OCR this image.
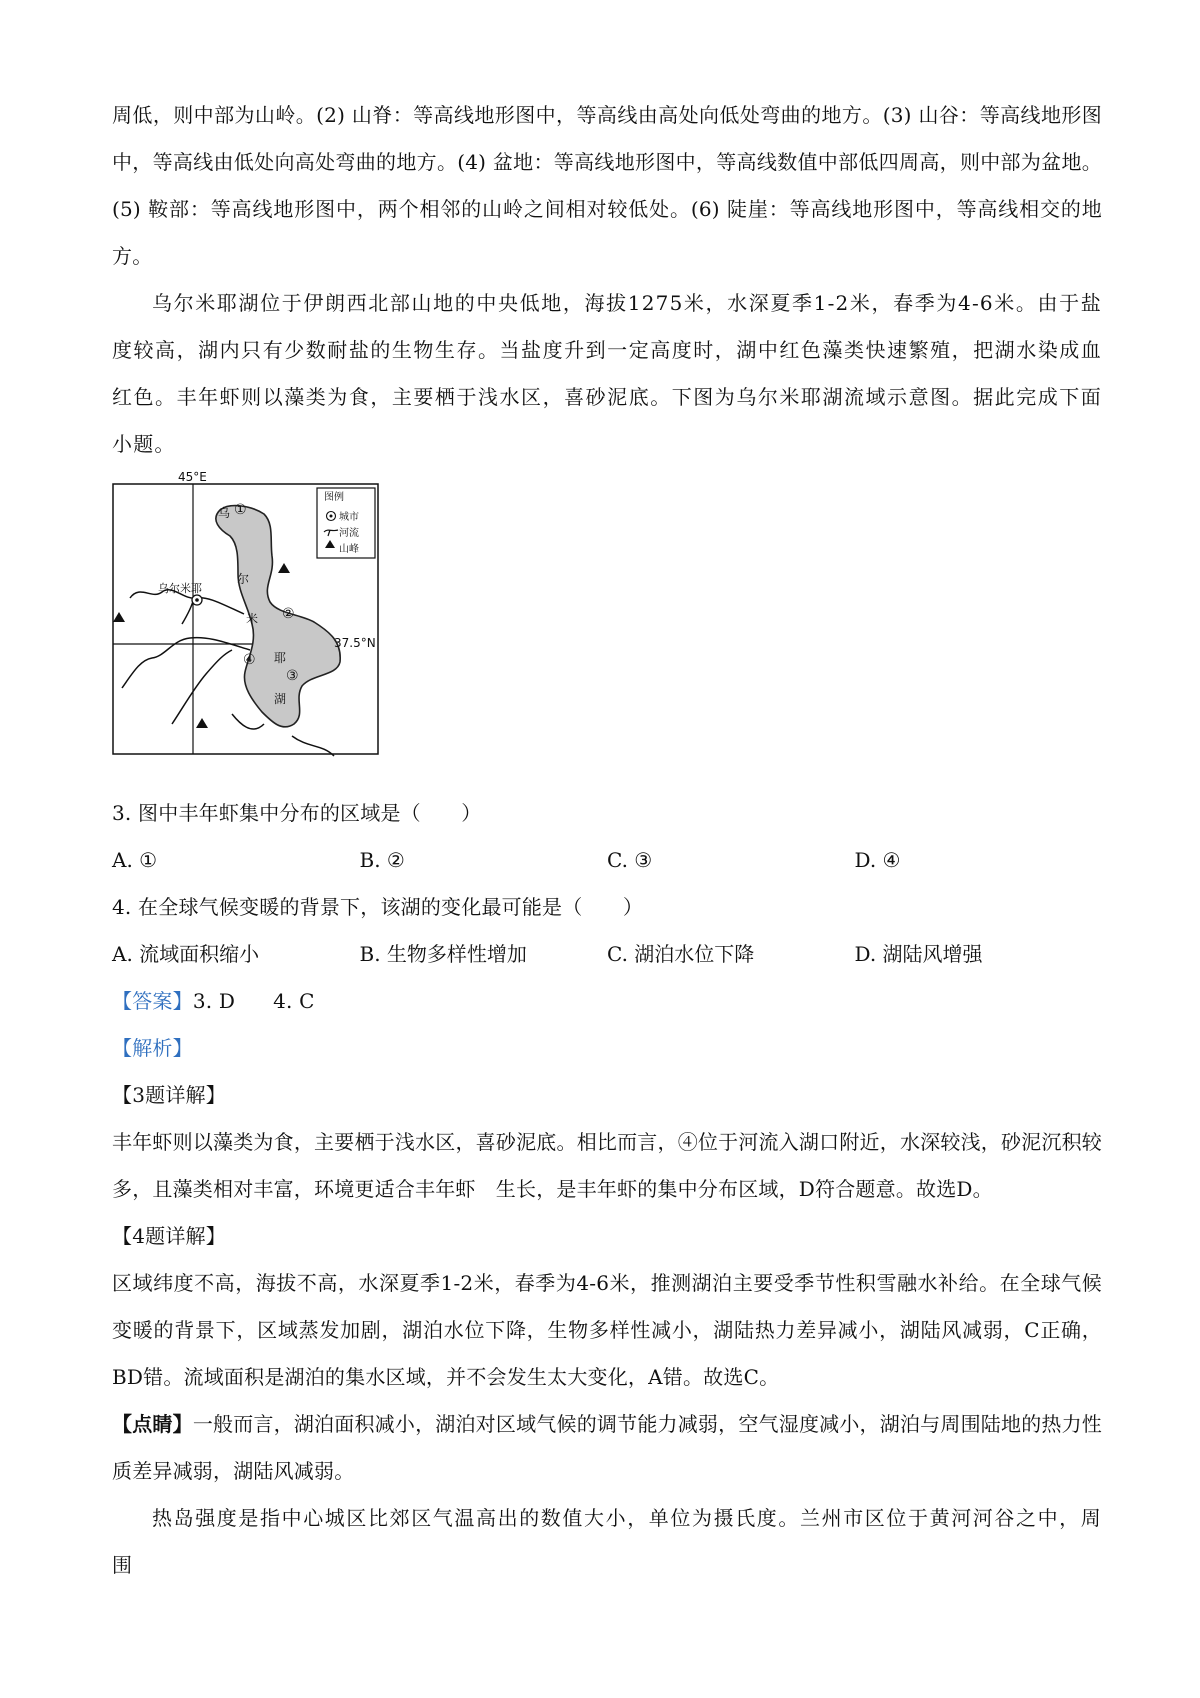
周低，则中部为山岭。(2) 山脊：等高线地形图中，等高线由高处向低处弯曲的地方。(3) 山谷：等高线地形图中，等高线由低处向高处弯曲的地方。(4) 盆地：等高线地形图中，等高线数值中部低四周高，则中部为盆地。(5) 鞍部：等高线地形图中，两个相邻的山岭之间相对较低处。(6) 陡崖：等高线地形图中，等高线相交的地方。

乌尔米耶湖位于伊朗西北部山地的中央低地，海拔1275米，水深夏季1-2米，春季为4-6米。由于盐度较高，湖内只有少数耐盐的生物生存。当盐度升到一定高度时，湖中红色藻类快速繁殖，把湖水染成血红色。丰年虾则以藻类为食，主要栖于浅水区，喜砂泥底。下图为乌尔米耶湖流域示意图。据此完成下面小题。

45°E
37.5°N
乌尔米耶
图例
城市
河流
山峰
乌
尔
米
耶
湖
①
②
③
④

3. 图中丰年虾集中分布的区域是（　　）

A. ①	B. ②	C. ③	D. ④

4. 在全球气候变暖的背景下，该湖的变化最可能是（　　）

A. 流域面积缩小	B. 生物多样性增加	C. 湖泊水位下降	D. 湖陆风增强

【答案】3. D 4. C

【解析】

【3题详解】

丰年虾则以藻类为食，主要栖于浅水区，喜砂泥底。相比而言，④位于河流入湖口附近，水深较浅，砂泥沉积较多，且藻类相对丰富，环境更适合丰年虾　生长，是丰年虾的集中分布区域，D符合题意。故选D。

【4题详解】

区域纬度不高，海拔不高，水深夏季1-2米，春季为4-6米，推测湖泊主要受季节性积雪融水补给。在全球气候变暖的背景下，区域蒸发加剧，湖泊水位下降，生物多样性减小，湖陆热力差异减小，湖陆风减弱，C正确，BD错。流域面积是湖泊的集水区域，并不会发生太大变化，A错。故选C。

【点睛】一般而言，湖泊面积减小，湖泊对区域气候的调节能力减弱，空气湿度减小，湖泊与周围陆地的热力性质差异减弱，湖陆风减弱。

热岛强度是指中心城区比郊区气温高出的数值大小，单位为摄氏度。兰州市区位于黄河河谷之中，周围
